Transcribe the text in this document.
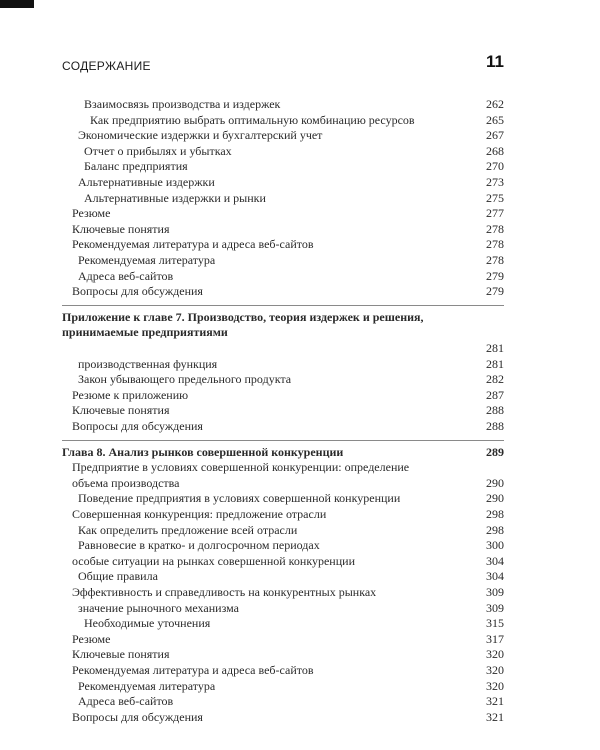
СОДЕРЖАНИЕ	11
Взаимосвязь производства и издержек	262
Как предприятию выбрать оптимальную комбинацию ресурсов	265
Экономические издержки и бухгалтерский учет	267
Отчет о прибылях и убытках	268
Баланс предприятия	270
Альтернативные издержки	273
Альтернативные издержки и рынки	275
Резюме	277
Ключевые понятия	278
Рекомендуемая литература и адреса веб-сайтов	278
Рекомендуемая литература	278
Адреса веб-сайтов	279
Вопросы для обсуждения	279
Приложение к главе 7. Производство, теория издержек и решения,
принимаемые предприятиями
281
производственная функция	281
Закон убывающего предельного продукта	282
Резюме к приложению	287
Ключевые понятия	288
Вопросы для обсуждения	288
Глава 8. Анализ рынков совершенной конкуренции	289
Предприятие в условиях совершенной конкуренции: определение
объема производства	290
Поведение предприятия в условиях совершенной конкуренции	290
Совершенная конкуренция: предложение отрасли	298
Как определить предложение всей отрасли	298
Равновесие в кратко- и долгосрочном периодах	300
особые ситуации на рынках совершенной конкуренции	304
Общие правила	304
Эффективность и справедливость на конкурентных рынках	309
значение рыночного механизма	309
Необходимые уточнения	315
Резюме	317
Ключевые понятия	320
Рекомендуемая литература и адреса веб-сайтов	320
Рекомендуемая литература	320
Адреса веб-сайтов	321
Вопросы для обсуждения	321
